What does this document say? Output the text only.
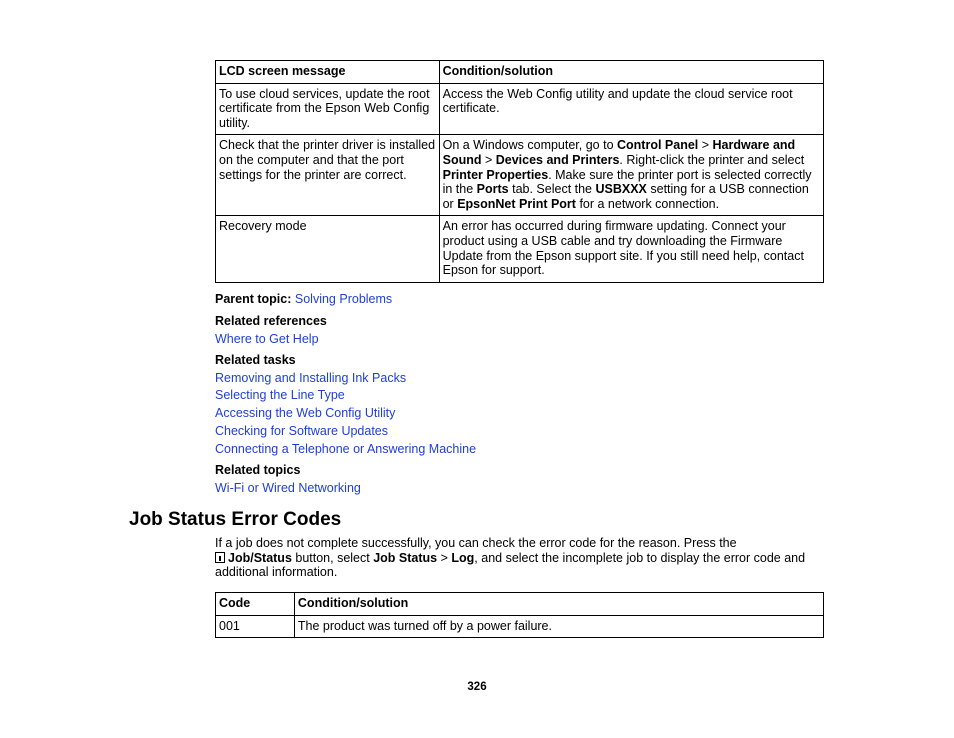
LCD screen message	Condition/solution
To use cloud services, update the root certificate from the Epson Web Config utility.	Access the Web Config utility and update the cloud service root certificate.
Check that the printer driver is installed on the computer and that the port settings for the printer are correct.	On a Windows computer, go to Control Panel > Hardware and Sound > Devices and Printers. Right-click the printer and select Printer Properties. Make sure the printer port is selected correctly in the Ports tab. Select the USBXXX setting for a USB connection or EpsonNet Print Port for a network connection.
Recovery mode	An error has occurred during firmware updating. Connect your product using a USB cable and try downloading the Firmware Update from the Epson support site. If you still need help, contact Epson for support.
Parent topic: Solving Problems
Related references
Where to Get Help
Related tasks
Removing and Installing Ink Packs
Selecting the Line Type
Accessing the Web Config Utility
Checking for Software Updates
Connecting a Telephone or Answering Machine
Related topics
Wi-Fi or Wired Networking
Job Status Error Codes
If a job does not complete successfully, you can check the error code for the reason. Press the
Job/Status button, select Job Status > Log, and select the incomplete job to display the error code and additional information.
Code	Condition/solution
001	The product was turned off by a power failure.
326
